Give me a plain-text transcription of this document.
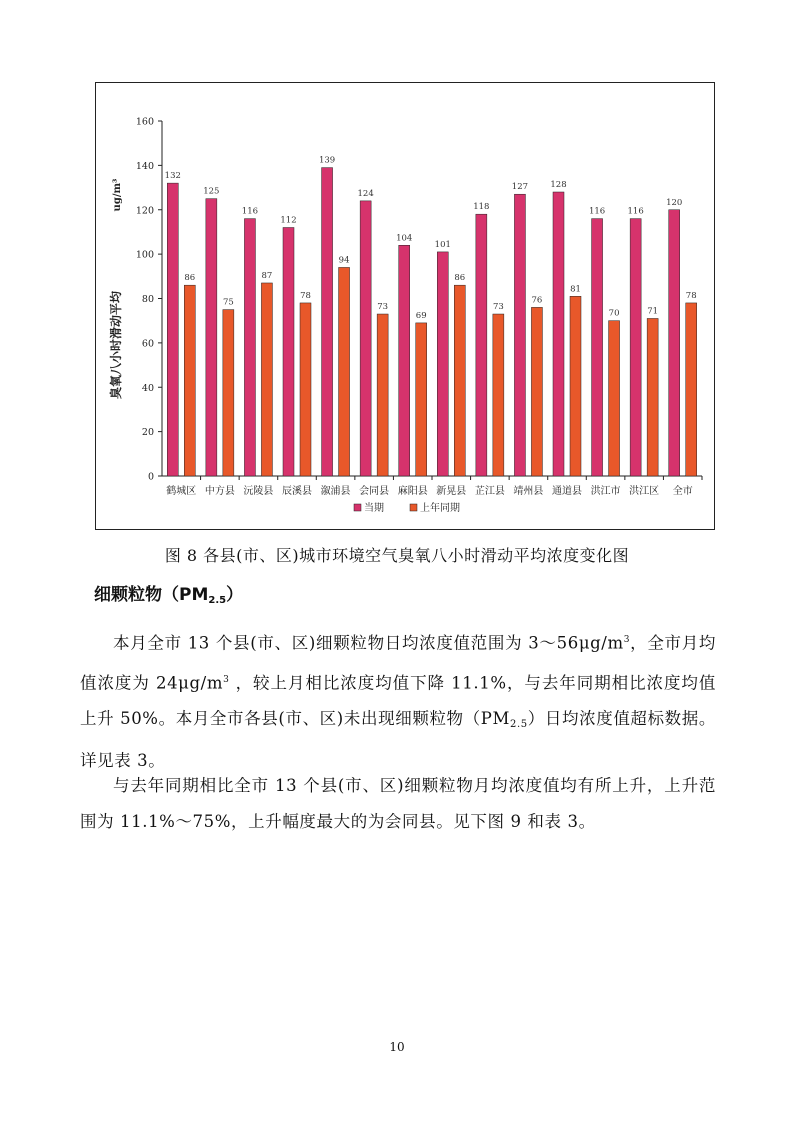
臭氧八小时滑动平均
ug/m³
0
20
40
60
80
100
120
140
160
132
86
鹤城区
125
75
中方县
116
87
沅陵县
112
78
辰溪县
139
94
溆浦县
124
73
会同县
104
69
麻阳县
101
86
新晃县
118
73
芷江县
127
76
靖州县
128
81
通道县
116
70
洪江市
116
71
洪江区
120
78
全市
当期	上年同期
图 8 各县(市、区)城市环境空气臭氧八小时滑动平均浓度变化图
细颗粒物$(PM_{2.5})$
本月全市 13 个县(市、区)细颗粒物日均浓度值范围为 $3\sim 56\mu g/m^3$，全市月均值浓度为 $24\mu g/m^3$ ，较上月相比浓度均值下降 11.1%，与去年同期相比浓度均值上升 50%。本月全市各县(市、区)未出现细颗粒物$(PM_{2.5})$日均浓度值超标数据。详见表 3。
与去年同期相比全市 13 个县(市、区)细颗粒物月均浓度值均有所上升，上升范围为 11.1%～75%，上升幅度最大的为会同县。见下图 9 和表 3。
10
